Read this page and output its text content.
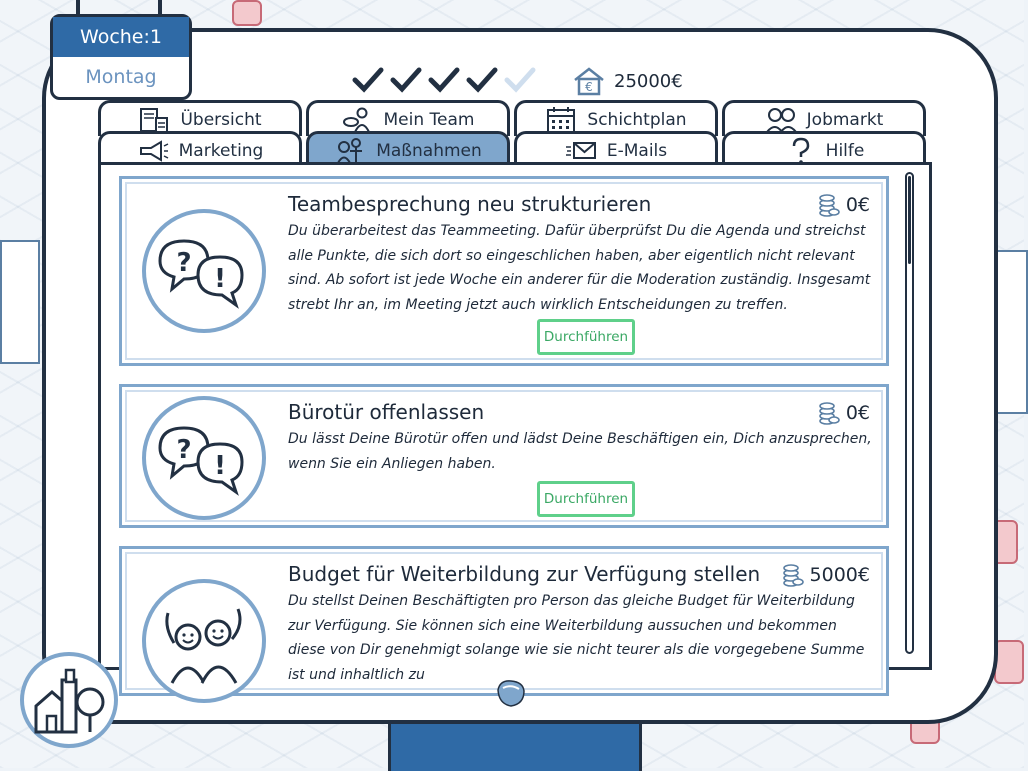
Woche:1
Montag	€ 25000€
Übersicht	Mein Team	Schichtplan	Jobmarkt
Marketing	Maßnahmen	E-Mails	Hilfe
?
!
Teambesprechung neu strukturieren	0€
Du überarbeitest das Teammeeting. Dafür überprüfst Du die Agenda und streichst alle Punkte, die sich dort so eingeschlichen haben, aber eigentlich nicht relevant sind. Ab sofort ist jede Woche ein anderer für die Moderation zuständig. Insgesamt strebt Ihr an, im Meeting jetzt auch wirklich Entscheidungen zu treffen.
Durchführen
?
!
Bürotür offenlassen	0€
Du lässt Deine Bürotür offen und lädst Deine Beschäftigen ein, Dich anzusprechen, wenn Sie ein Anliegen haben.
Durchführen
Budget für Weiterbildung zur Verfügung stellen	5000€
Du stellst Deinen Beschäftigten pro Person das gleiche Budget für Weiterbildung zur Verfügung. Sie können sich eine Weiterbildung aussuchen und bekommen diese von Dir genehmigt solange wie sie nicht teurer als die vorgegebene Summe ist und inhaltlich zu
